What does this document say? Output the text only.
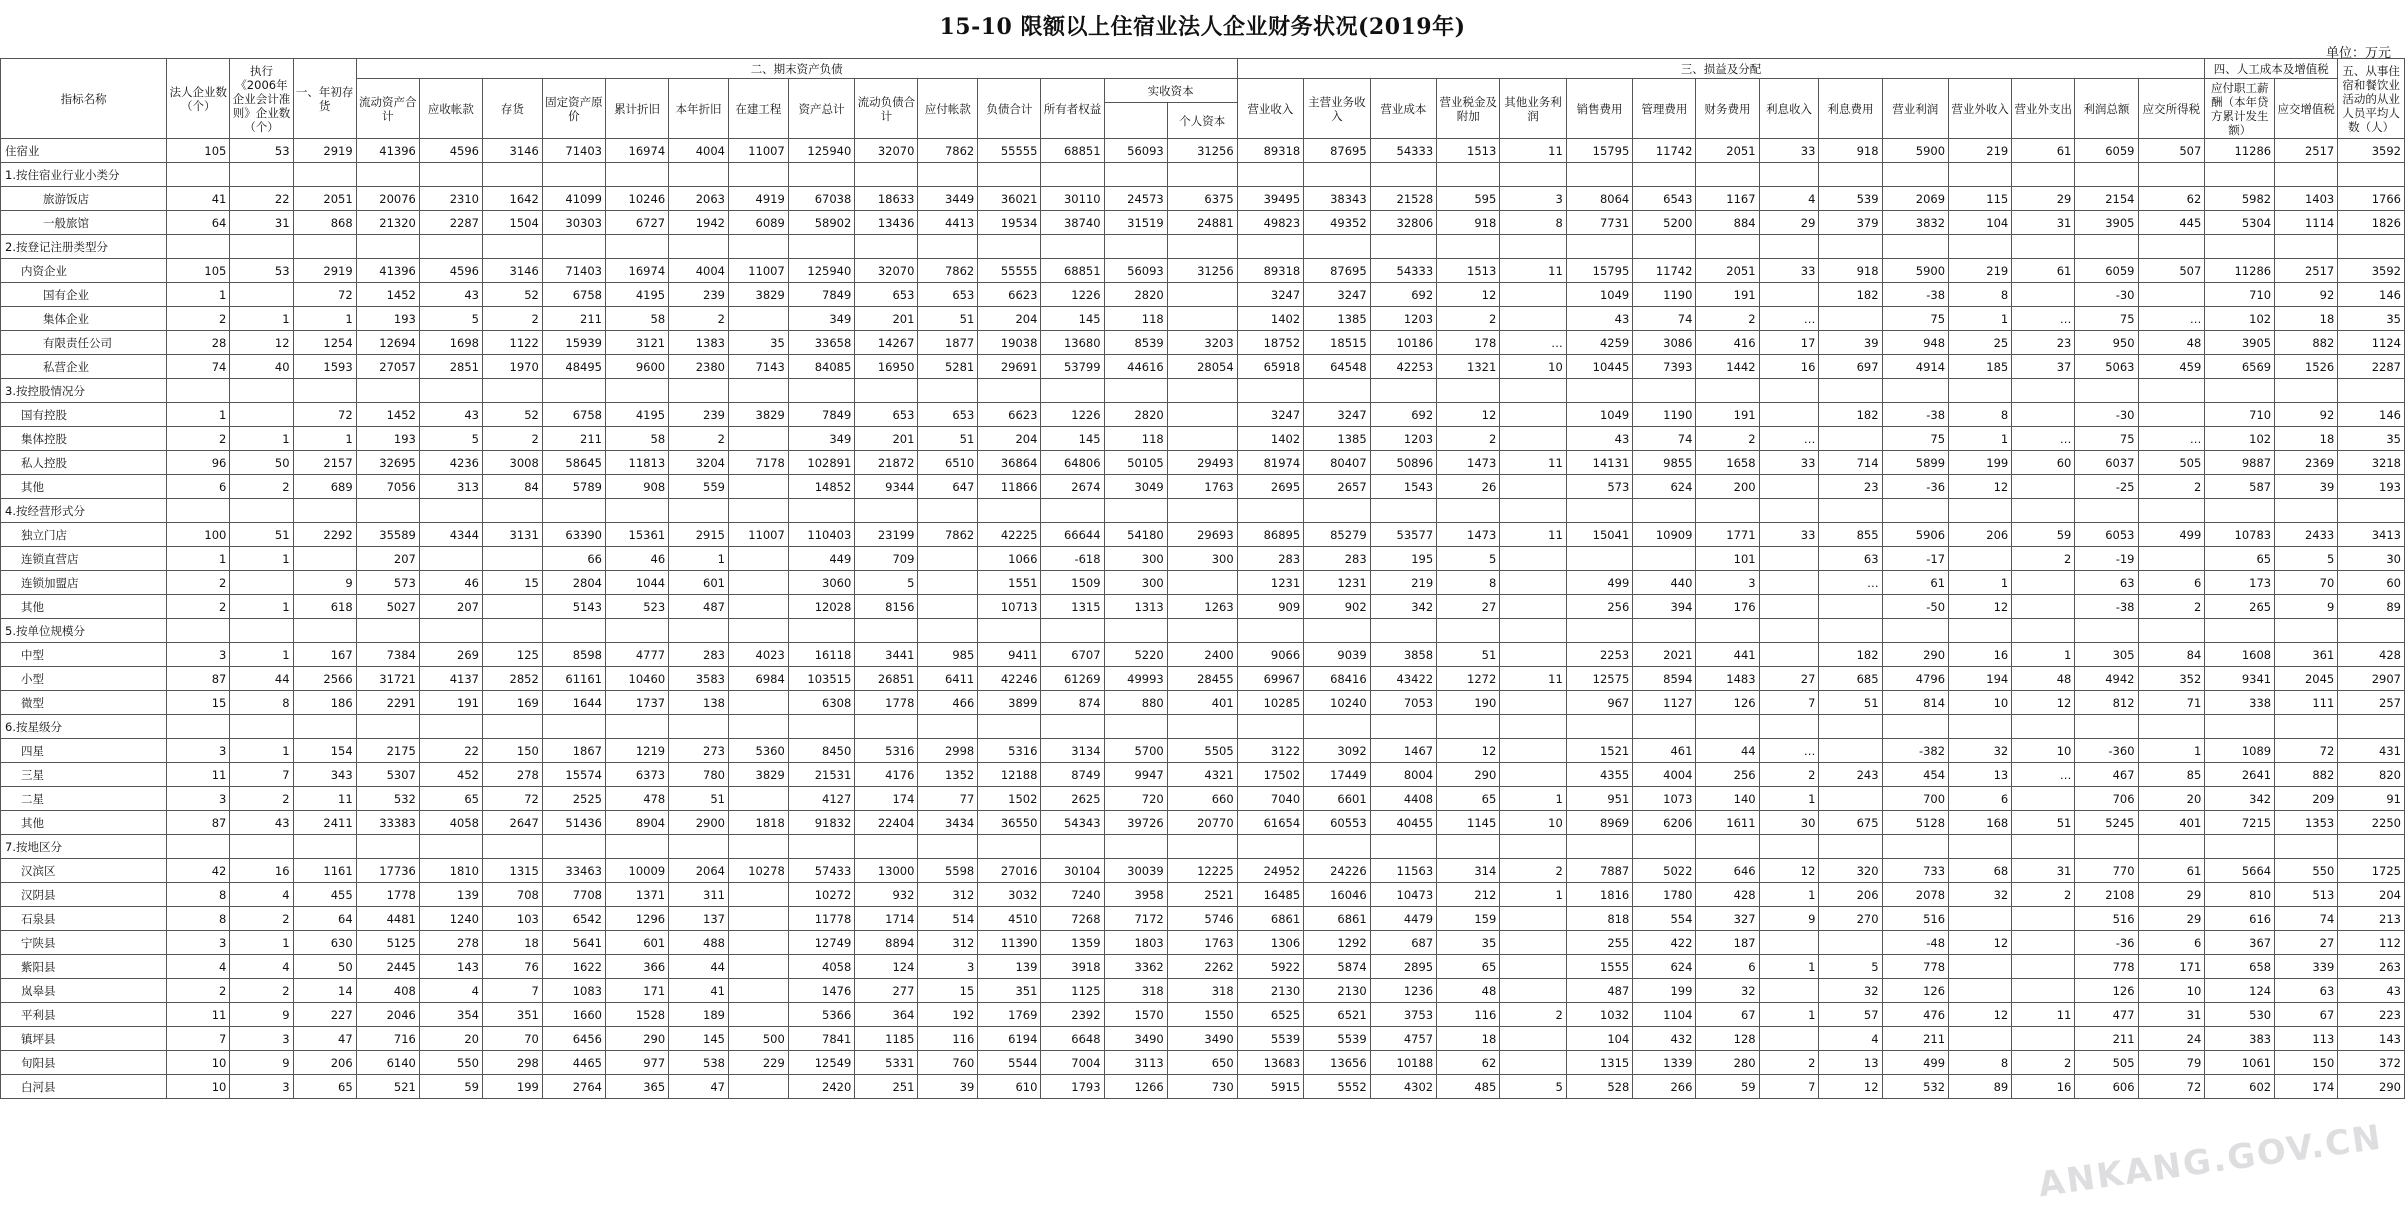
15-10 限额以上住宿业法人企业财务状况(2019年)
单位：万元
指标名称	法人企业数（个）	执行《2006年企业会计准则》企业数（个）	一、年初存货	二、期末资产负债														三、损益及分配															四、人工成本及增值税		五、从事住宿和餐饮业活动的从业人员平均人数（人）
				流动资产合计	应收帐款	存货	固定资产原价	累计折旧	本年折旧	在建工程	资产总计	流动负债合计	应付帐款	负债合计	所有者权益	实收资本		营业收入	主营业务收入	营业成本	营业税金及附加	其他业务利润	销售费用	管理费用	财务费用	利息收入	利息费用	营业利润	营业外收入	营业外支出	利润总额	应交所得税	应付职工薪酬（本年贷方累计发生额）	应交增值税	
																	个人资本																		
住宿业	105	53	2919	41396	4596	3146	71403	16974	4004	11007	125940	32070	7862	55555	68851	56093	31256	89318	87695	54333	1513	11	15795	11742	2051	33	918	5900	219	61	6059	507	11286	2517	3592
1.按住宿业行业小类分																																			
旅游饭店	41	22	2051	20076	2310	1642	41099	10246	2063	4919	67038	18633	3449	36021	30110	24573	6375	39495	38343	21528	595	3	8064	6543	1167	4	539	2069	115	29	2154	62	5982	1403	1766
一般旅馆	64	31	868	21320	2287	1504	30303	6727	1942	6089	58902	13436	4413	19534	38740	31519	24881	49823	49352	32806	918	8	7731	5200	884	29	379	3832	104	31	3905	445	5304	1114	1826
2.按登记注册类型分																																			
内资企业	105	53	2919	41396	4596	3146	71403	16974	4004	11007	125940	32070	7862	55555	68851	56093	31256	89318	87695	54333	1513	11	15795	11742	2051	33	918	5900	219	61	6059	507	11286	2517	3592
国有企业	1		72	1452	43	52	6758	4195	239	3829	7849	653	653	6623	1226	2820		3247	3247	692	12		1049	1190	191		182	-38	8		-30		710	92	146
集体企业	2	1	1	193	5	2	211	58	2		349	201	51	204	145	118		1402	1385	1203	2		43	74	2	…		75	1	…	75	…	102	18	35
有限责任公司	28	12	1254	12694	1698	1122	15939	3121	1383	35	33658	14267	1877	19038	13680	8539	3203	18752	18515	10186	178	…	4259	3086	416	17	39	948	25	23	950	48	3905	882	1124
私营企业	74	40	1593	27057	2851	1970	48495	9600	2380	7143	84085	16950	5281	29691	53799	44616	28054	65918	64548	42253	1321	10	10445	7393	1442	16	697	4914	185	37	5063	459	6569	1526	2287
3.按控股情况分																																			
国有控股	1		72	1452	43	52	6758	4195	239	3829	7849	653	653	6623	1226	2820		3247	3247	692	12		1049	1190	191		182	-38	8		-30		710	92	146
集体控股	2	1	1	193	5	2	211	58	2		349	201	51	204	145	118		1402	1385	1203	2		43	74	2	…		75	1	…	75	…	102	18	35
私人控股	96	50	2157	32695	4236	3008	58645	11813	3204	7178	102891	21872	6510	36864	64806	50105	29493	81974	80407	50896	1473	11	14131	9855	1658	33	714	5899	199	60	6037	505	9887	2369	3218
其他	6	2	689	7056	313	84	5789	908	559		14852	9344	647	11866	2674	3049	1763	2695	2657	1543	26		573	624	200		23	-36	12		-25	2	587	39	193
4.按经营形式分																																			
独立门店	100	51	2292	35589	4344	3131	63390	15361	2915	11007	110403	23199	7862	42225	66644	54180	29693	86895	85279	53577	1473	11	15041	10909	1771	33	855	5906	206	59	6053	499	10783	2433	3413
连锁直营店	1	1		207			66	46	1		449	709		1066	-618	300	300	283	283	195	5				101		63	-17		2	-19		65	5	30
连锁加盟店	2		9	573	46	15	2804	1044	601		3060	5		1551	1509	300		1231	1231	219	8		499	440	3		…	61	1		63	6	173	70	60
其他	2	1	618	5027	207		5143	523	487		12028	8156		10713	1315	1313	1263	909	902	342	27		256	394	176			-50	12		-38	2	265	9	89
5.按单位规模分																																			
中型	3	1	167	7384	269	125	8598	4777	283	4023	16118	3441	985	9411	6707	5220	2400	9066	9039	3858	51		2253	2021	441		182	290	16	1	305	84	1608	361	428
小型	87	44	2566	31721	4137	2852	61161	10460	3583	6984	103515	26851	6411	42246	61269	49993	28455	69967	68416	43422	1272	11	12575	8594	1483	27	685	4796	194	48	4942	352	9341	2045	2907
微型	15	8	186	2291	191	169	1644	1737	138		6308	1778	466	3899	874	880	401	10285	10240	7053	190		967	1127	126	7	51	814	10	12	812	71	338	111	257
6.按星级分																																			
四星	3	1	154	2175	22	150	1867	1219	273	5360	8450	5316	2998	5316	3134	5700	5505	3122	3092	1467	12		1521	461	44	…		-382	32	10	-360	1	1089	72	431
三星	11	7	343	5307	452	278	15574	6373	780	3829	21531	4176	1352	12188	8749	9947	4321	17502	17449	8004	290		4355	4004	256	2	243	454	13	…	467	85	2641	882	820
二星	3	2	11	532	65	72	2525	478	51		4127	174	77	1502	2625	720	660	7040	6601	4408	65	1	951	1073	140	1		700	6		706	20	342	209	91
其他	87	43	2411	33383	4058	2647	51436	8904	2900	1818	91832	22404	3434	36550	54343	39726	20770	61654	60553	40455	1145	10	8969	6206	1611	30	675	5128	168	51	5245	401	7215	1353	2250
7.按地区分																																			
汉滨区	42	16	1161	17736	1810	1315	33463	10009	2064	10278	57433	13000	5598	27016	30104	30039	12225	24952	24226	11563	314	2	7887	5022	646	12	320	733	68	31	770	61	5664	550	1725
汉阴县	8	4	455	1778	139	708	7708	1371	311		10272	932	312	3032	7240	3958	2521	16485	16046	10473	212	1	1816	1780	428	1	206	2078	32	2	2108	29	810	513	204
石泉县	8	2	64	4481	1240	103	6542	1296	137		11778	1714	514	4510	7268	7172	5746	6861	6861	4479	159		818	554	327	9	270	516			516	29	616	74	213
宁陕县	3	1	630	5125	278	18	5641	601	488		12749	8894	312	11390	1359	1803	1763	1306	1292	687	35		255	422	187			-48	12		-36	6	367	27	112
紫阳县	4	4	50	2445	143	76	1622	366	44		4058	124	3	139	3918	3362	2262	5922	5874	2895	65		1555	624	6	1	5	778			778	171	658	339	263
岚皋县	2	2	14	408	4	7	1083	171	41		1476	277	15	351	1125	318	318	2130	2130	1236	48		487	199	32		32	126			126	10	124	63	43
平利县	11	9	227	2046	354	351	1660	1528	189		5366	364	192	1769	2392	1570	1550	6525	6521	3753	116	2	1032	1104	67	1	57	476	12	11	477	31	530	67	223
镇坪县	7	3	47	716	20	70	6456	290	145	500	7841	1185	116	6194	6648	3490	3490	5539	5539	4757	18		104	432	128		4	211			211	24	383	113	143
旬阳县	10	9	206	6140	550	298	4465	977	538	229	12549	5331	760	5544	7004	3113	650	13683	13656	10188	62		1315	1339	280	2	13	499	8	2	505	79	1061	150	372
白河县	10	3	65	521	59	199	2764	365	47		2420	251	39	610	1793	1266	730	5915	5552	4302	485	5	528	266	59	7	12	532	89	16	606	72	602	174	290
ANKANG.GOV.CN
